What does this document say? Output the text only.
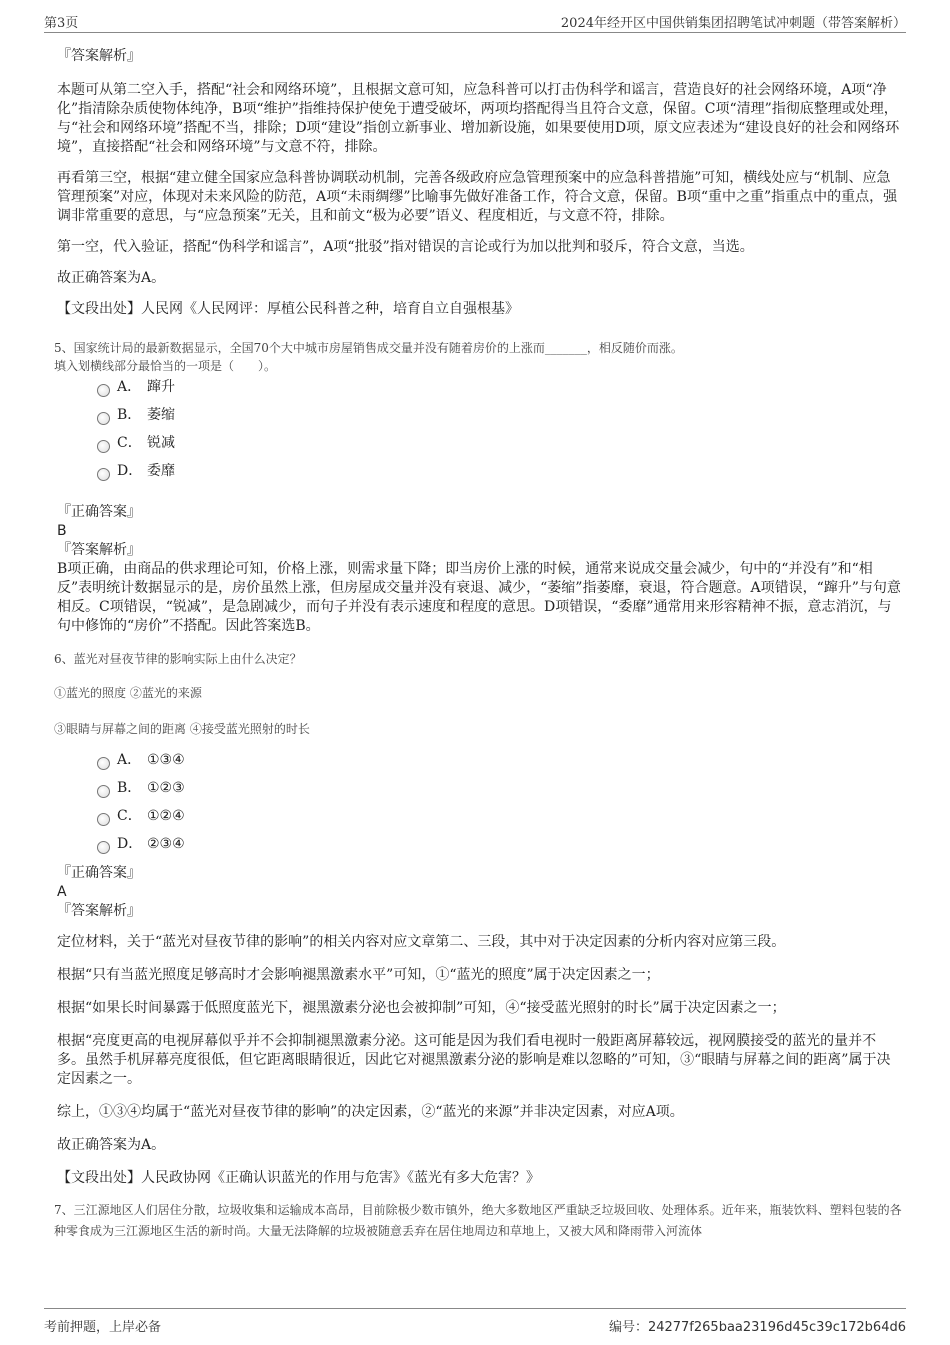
第3页	2024年经开区中国供销集团招聘笔试冲刺题（带答案解析）

『答案解析』

本题可从第二空入手，搭配“社会和网络环境”，且根据文意可知，应急科普可以打击伪科学和谣言，营造良好的社会网络环境，A项“净化”指清除杂质使物体纯净，B项“维护”指维持保护使免于遭受破坏，两项均搭配得当且符合文意，保留。C项“清理”指彻底整理或处理，与“社会和网络环境”搭配不当，排除；D项“建设”指创立新事业、增加新设施，如果要使用D项，原文应表述为“建设良好的社会和网络环境”，直接搭配“社会和网络环境”与文意不符，排除。

再看第三空，根据“建立健全国家应急科普协调联动机制，完善各级政府应急管理预案中的应急科普措施”可知，横线处应与“机制、应急管理预案”对应，体现对未来风险的防范，A项“未雨绸缪”比喻事先做好准备工作，符合文意，保留。B项“重中之重”指重点中的重点，强调非常重要的意思，与“应急预案”无关，且和前文“极为必要”语义、程度相近，与文意不符，排除。

第一空，代入验证，搭配“伪科学和谣言”，A项“批驳”指对错误的言论或行为加以批判和驳斥，符合文意，当选。

故正确答案为A。

【文段出处】人民网《人民网评：厚植公民科普之种，培育自立自强根基》

5、国家统计局的最新数据显示，全国70个大中城市房屋销售成交量并没有随着房价的上涨而_______，相反随价而涨。

填入划横线部分最恰当的一项是（　　）。

A． 蹿升
B． 萎缩
C． 锐减
D． 委靡

『正确答案』

B

『答案解析』

B项正确，由商品的供求理论可知，价格上涨，则需求量下降；即当房价上涨的时候，通常来说成交量会减少，句中的“并没有”和“相反”表明统计数据显示的是，房价虽然上涨，但房屋成交量并没有衰退、减少，“萎缩”指萎靡，衰退，符合题意。A项错误，“蹿升”与句意相反。C项错误，“锐减”，是急剧减少，而句子并没有表示速度和程度的意思。D项错误，“委靡”通常用来形容精神不振，意志消沉，与句中修饰的“房价”不搭配。因此答案选B。

6、蓝光对昼夜节律的影响实际上由什么决定？

①蓝光的照度 ②蓝光的来源

③眼睛与屏幕之间的距离 ④接受蓝光照射的时长

A． ①③④
B． ①②③
C． ①②④
D． ②③④

『正确答案』

A

『答案解析』

定位材料，关于“蓝光对昼夜节律的影响”的相关内容对应文章第二、三段，其中对于决定因素的分析内容对应第三段。

根据“只有当蓝光照度足够高时才会影响褪黑激素水平”可知，①“蓝光的照度”属于决定因素之一；

根据“如果长时间暴露于低照度蓝光下，褪黑激素分泌也会被抑制”可知，④“接受蓝光照射的时长”属于决定因素之一；

根据“亮度更高的电视屏幕似乎并不会抑制褪黑激素分泌。这可能是因为我们看电视时一般距离屏幕较远，视网膜接受的蓝光的量并不多。虽然手机屏幕亮度很低，但它距离眼睛很近，因此它对褪黑激素分泌的影响是难以忽略的”可知，③“眼睛与屏幕之间的距离”属于决定因素之一。

综上，①③④均属于“蓝光对昼夜节律的影响”的决定因素，②“蓝光的来源”并非决定因素，对应A项。

故正确答案为A。

【文段出处】人民政协网《正确认识蓝光的作用与危害》《蓝光有多大危害？》

7、三江源地区人们居住分散，垃圾收集和运输成本高昂，目前除极少数市镇外，绝大多数地区严重缺乏垃圾回收、处理体系。近年来，瓶装饮料、塑料包装的各种零食成为三江源地区生活的新时尚。大量无法降解的垃圾被随意丢弃在居住地周边和草地上，又被大风和降雨带入河流体

考前押题，上岸必备	编号：24277f265baa23196d45c39c172b64d6
